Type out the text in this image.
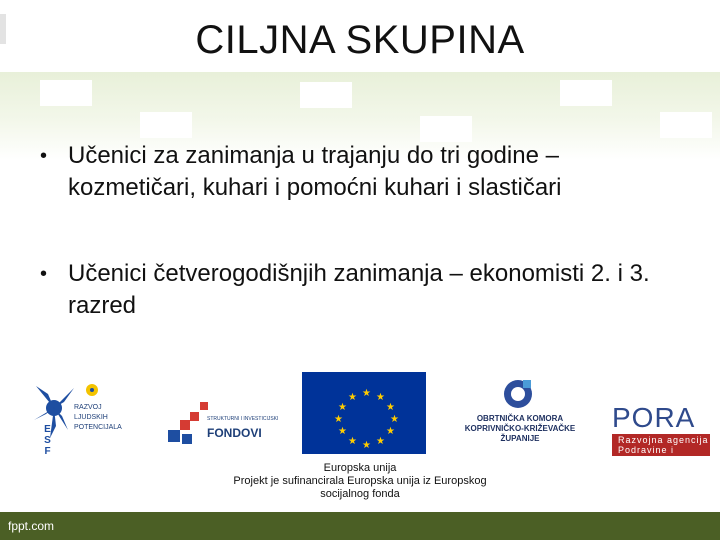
CILJNA SKUPINA
• Učenici za zanimanja u trajanju do tri godine – kozmetičari, kuhari i pomoćni kuhari i slastičari
• Učenici četverogodišnjih zanimanja – ekonomisti 2. i 3. razred
RAZVOJ
LJUDSKIH
POTENCIJALA
ESF
STRUKTURNI I INVESTICIJSKI
FONDOVI
★ ★
★
★
★
★
★
★
★
★
★
★
OBRTNIČKA KOMORA
KOPRIVNIČKO-KRIŽEVAČKE
ŽUPANIJE
PORA
Razvojna agencija
Podravine i Prigorja
Europska unija
Projekt je sufinancirala Europska unija iz Europskog
socijalnog fonda
fppt.com
